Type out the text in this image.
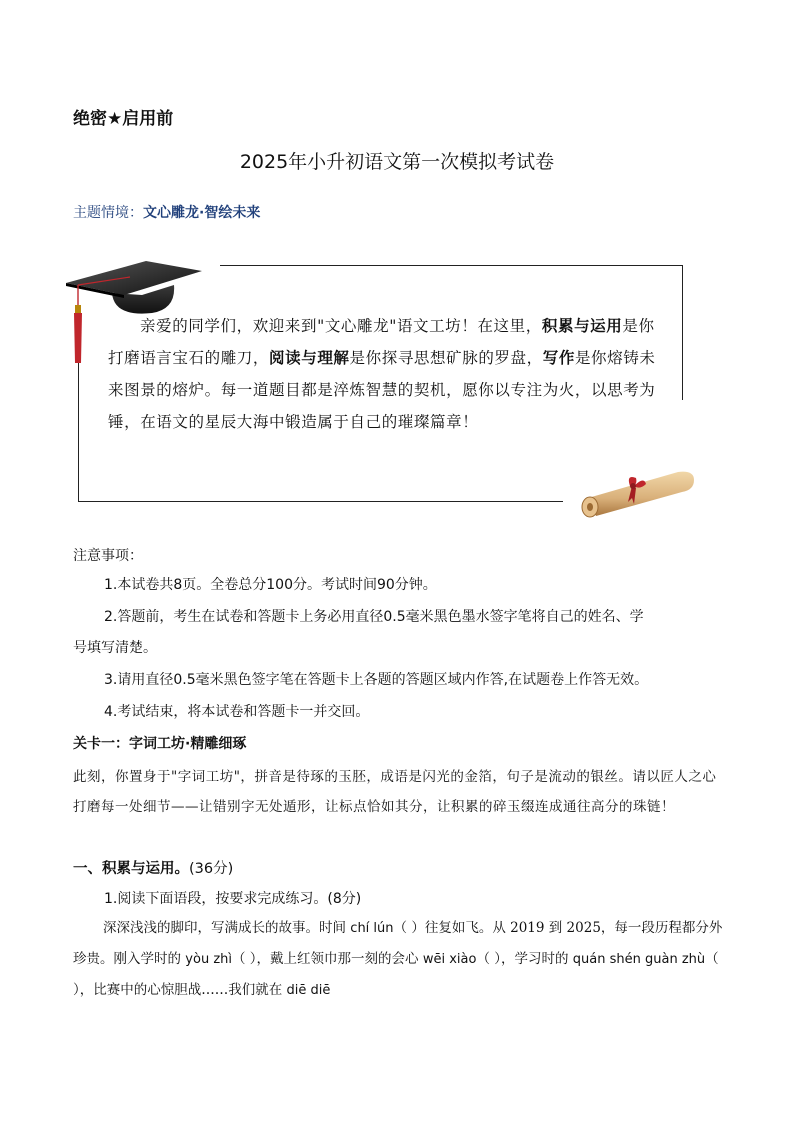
绝密★启用前
2025年小升初语文第一次模拟考试卷
主题情境：文心雕龙·智绘未来
亲爱的同学们，欢迎来到"文心雕龙"语文工坊！在这里，积累与运用是你打磨语言宝石的雕刀，阅读与理解是你探寻思想矿脉的罗盘，写作是你熔铸未来图景的熔炉。每一道题目都是淬炼智慧的契机，愿你以专注为火，以思考为锤，在语文的星辰大海中锻造属于自己的璀璨篇章！
注意事项：
1.本试卷共8页。全卷总分100分。考试时间90分钟。
2.答题前，考生在试卷和答题卡上务必用直径0.5毫米黑色墨水签字笔将自己的姓名、学
号填写清楚。
3.请用直径0.5毫米黑色签字笔在答题卡上各题的答题区域内作答,在试题卷上作答无效。
4.考试结束，将本试卷和答题卡一并交回。
关卡一：字词工坊·精雕细琢
此刻，你置身于"字词工坊"，拼音是待琢的玉胚，成语是闪光的金箔，句子是流动的银丝。请以匠人之心打磨每一处细节——让错别字无处遁形，让标点恰如其分，让积累的碎玉缀连成通往高分的珠链！
一、积累与运用。(36分)
1.阅读下面语段，按要求完成练习。(8分)
深深浅浅的脚印，写满成长的故事。时间 chí lún（ ）往复如飞。从 2019 到 2025，每一段历程都分外珍贵。刚入学时的 yòu zhì（ ），戴上红领巾那一刻的会心 wēi xiào（ ），学习时的 quán shén guàn zhù（ ），比赛中的心惊胆战……我们就在 diē diē
